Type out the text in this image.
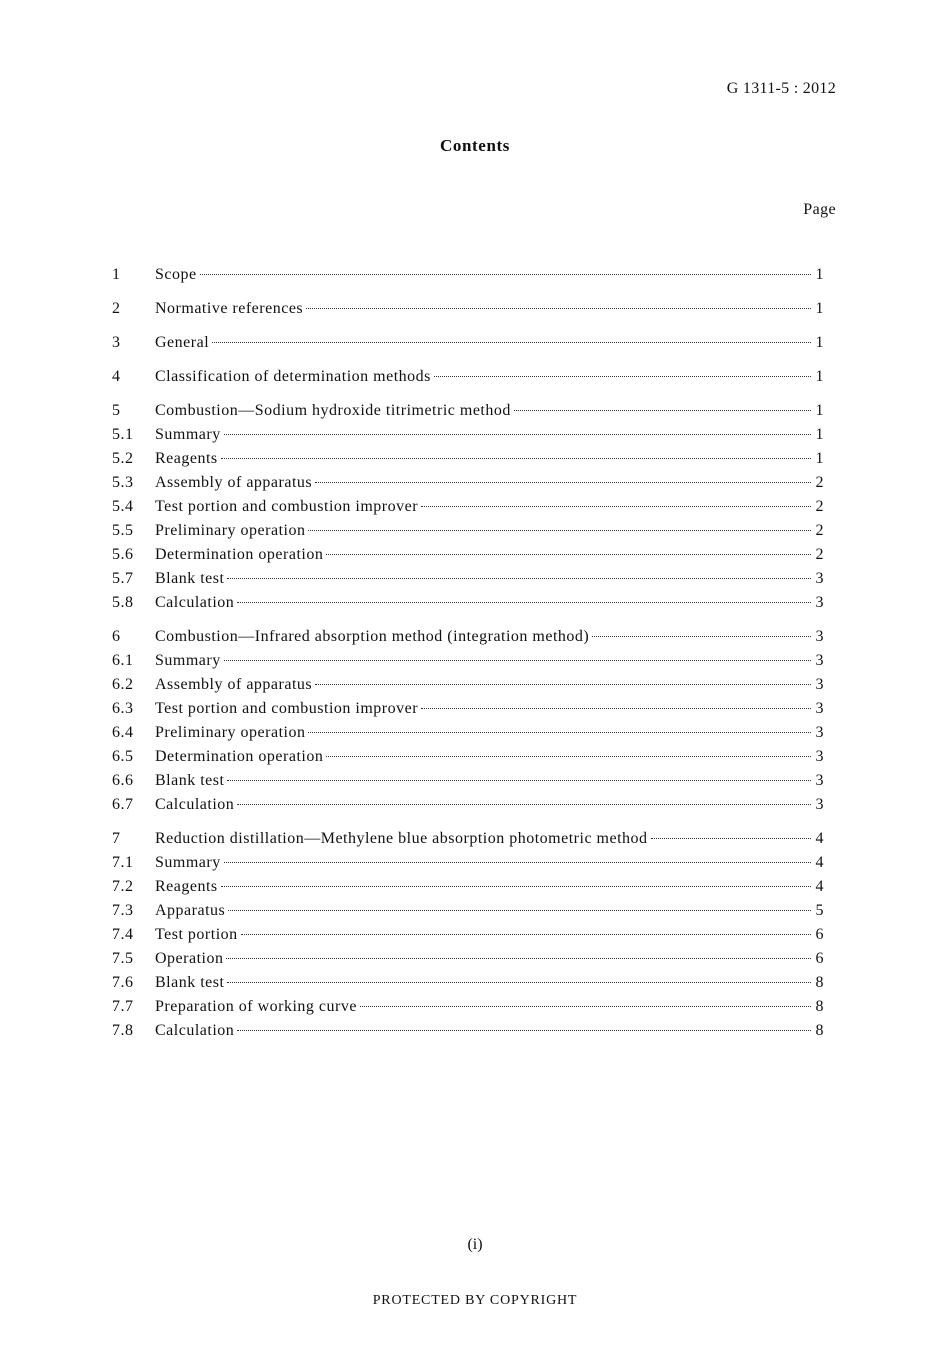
G 1311-5 : 2012
Contents
Page
1	Scope	1
2	Normative references	1
3	General	1
4	Classification of determination methods	1
5	Combustion—Sodium hydroxide titrimetric method	1
5.1	Summary	1
5.2	Reagents	1
5.3	Assembly of apparatus	2
5.4	Test portion and combustion improver	2
5.5	Preliminary operation	2
5.6	Determination operation	2
5.7	Blank test	3
5.8	Calculation	3
6	Combustion—Infrared absorption method (integration method)	3
6.1	Summary	3
6.2	Assembly of apparatus	3
6.3	Test portion and combustion improver	3
6.4	Preliminary operation	3
6.5	Determination operation	3
6.6	Blank test	3
6.7	Calculation	3
7	Reduction distillation—Methylene blue absorption photometric method	4
7.1	Summary	4
7.2	Reagents	4
7.3	Apparatus	5
7.4	Test portion	6
7.5	Operation	6
7.6	Blank test	8
7.7	Preparation of working curve	8
7.8	Calculation	8
(i)
PROTECTED BY COPYRIGHT
